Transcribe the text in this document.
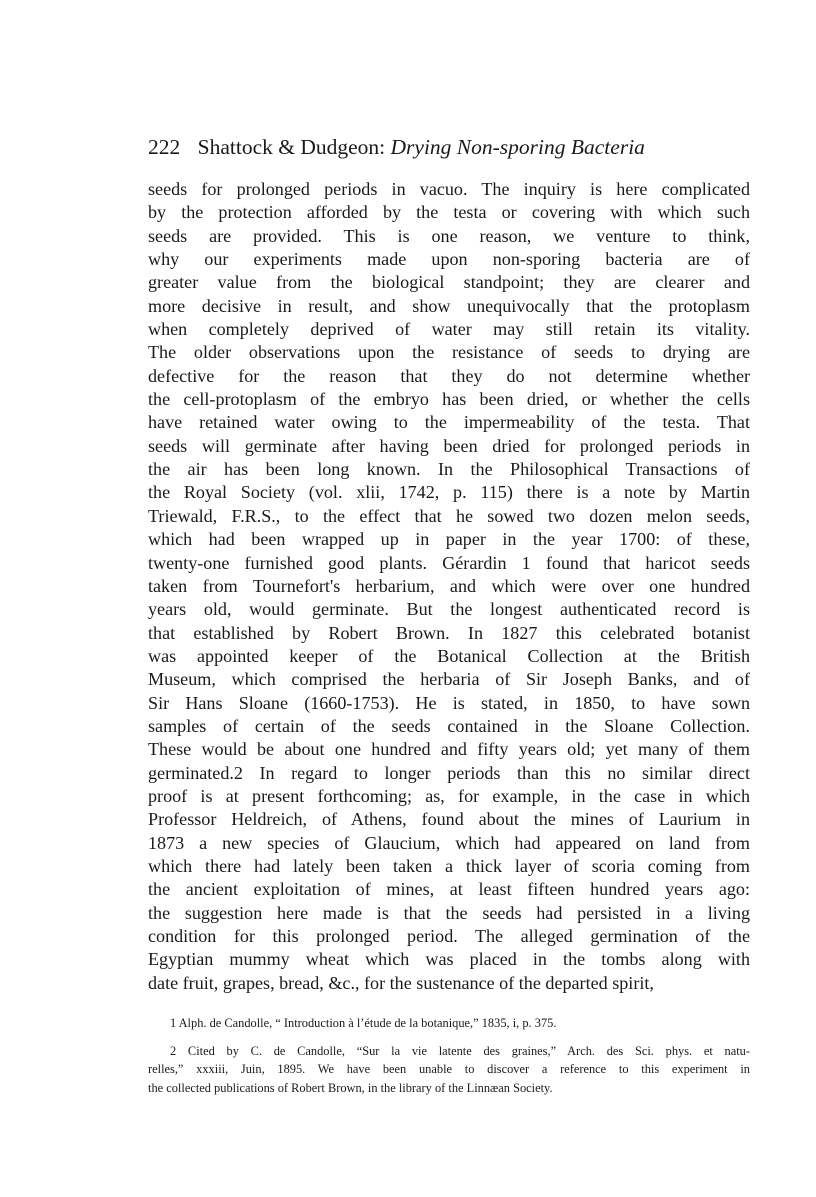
222 Shattock & Dudgeon: Drying Non-sporing Bacteria
seeds for prolonged periods in vacuo. The inquiry is here complicated
by the protection afforded by the testa or covering with which such
seeds are provided. This is one reason, we venture to think,
why our experiments made upon non-sporing bacteria are of
greater value from the biological standpoint; they are clearer and
more decisive in result, and show unequivocally that the protoplasm
when completely deprived of water may still retain its vitality.
The older observations upon the resistance of seeds to drying are
defective for the reason that they do not determine whether
the cell-protoplasm of the embryo has been dried, or whether the cells
have retained water owing to the impermeability of the testa. That
seeds will germinate after having been dried for prolonged periods in
the air has been long known. In the Philosophical Transactions of
the Royal Society (vol. xlii, 1742, p. 115) there is a note by Martin
Triewald, F.R.S., to the effect that he sowed two dozen melon seeds,
which had been wrapped up in paper in the year 1700: of these,
twenty-one furnished good plants. Gérardin 1 found that haricot seeds
taken from Tournefort's herbarium, and which were over one hundred
years old, would germinate. But the longest authenticated record is
that established by Robert Brown. In 1827 this celebrated botanist
was appointed keeper of the Botanical Collection at the British
Museum, which comprised the herbaria of Sir Joseph Banks, and of
Sir Hans Sloane (1660-1753). He is stated, in 1850, to have sown
samples of certain of the seeds contained in the Sloane Collection.
These would be about one hundred and fifty years old; yet many of them
germinated.2 In regard to longer periods than this no similar direct
proof is at present forthcoming; as, for example, in the case in which
Professor Heldreich, of Athens, found about the mines of Laurium in
1873 a new species of Glaucium, which had appeared on land from
which there had lately been taken a thick layer of scoria coming from
the ancient exploitation of mines, at least fifteen hundred years ago:
the suggestion here made is that the seeds had persisted in a living
condition for this prolonged period. The alleged germination of the
Egyptian mummy wheat which was placed in the tombs along with
date fruit, grapes, bread, &c., for the sustenance of the departed spirit,
1 Alph. de Candolle, “ Introduction à l’étude de la botanique,” 1835, i, p. 375.
2 Cited by C. de Candolle, “Sur la vie latente des graines,” Arch. des Sci. phys. et natu-
relles,” xxxiii, Juin, 1895. We have been unable to discover a reference to this experiment in
the collected publications of Robert Brown, in the library of the Linnæan Society.
